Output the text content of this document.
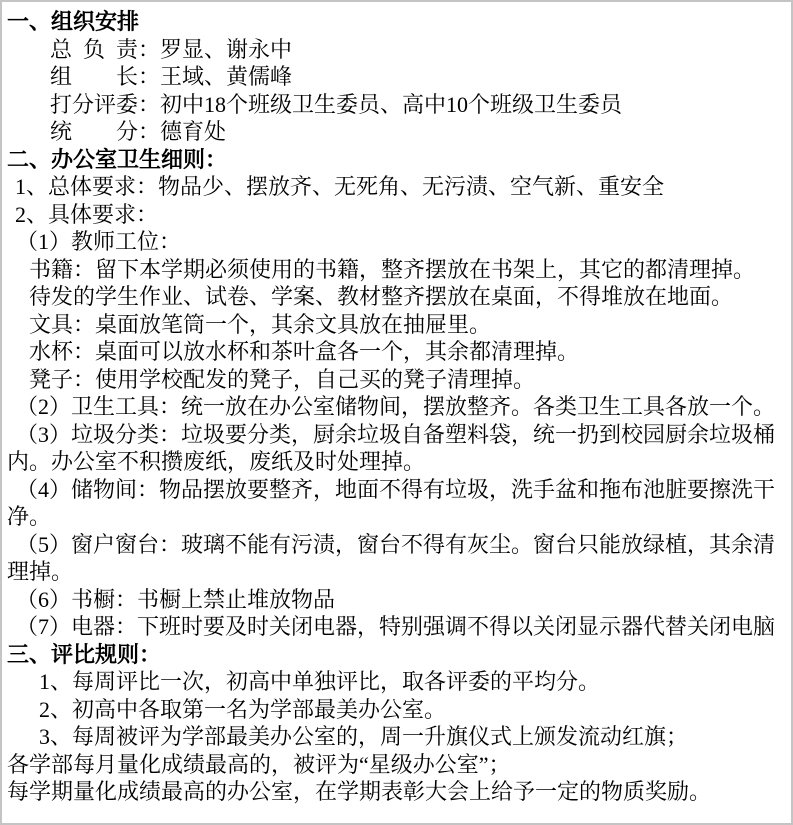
一、组织安排
总负责：罗显、谢永中
组长：王域、黄儒峰
打分评委：初中18个班级卫生委员、高中10个班级卫生委员
统分：德育处
二、办公室卫生细则：
1、总体要求：物品少、摆放齐、无死角、无污渍、空气新、重安全
2、具体要求：
（1）教师工位：
书籍：留下本学期必须使用的书籍，整齐摆放在书架上，其它的都清理掉。
待发的学生作业、试卷、学案、教材整齐摆放在桌面，不得堆放在地面。
文具：桌面放笔筒一个，其余文具放在抽屉里。
水杯：桌面可以放水杯和茶叶盒各一个，其余都清理掉。
凳子：使用学校配发的凳子，自己买的凳子清理掉。
（2）卫生工具：统一放在办公室储物间，摆放整齐。各类卫生工具各放一个。
（3）垃圾分类：垃圾要分类，厨余垃圾自备塑料袋，统一扔到校园厨余垃圾桶
内。办公室不积攒废纸，废纸及时处理掉。
（4）储物间：物品摆放要整齐，地面不得有垃圾，洗手盆和拖布池脏要擦洗干
净。
（5）窗户窗台：玻璃不能有污渍，窗台不得有灰尘。窗台只能放绿植，其余清
理掉。
（6）书橱：书橱上禁止堆放物品
（7）电器：下班时要及时关闭电器，特别强调不得以关闭显示器代替关闭电脑
三、评比规则：
1、每周评比一次，初高中单独评比，取各评委的平均分。
2、初高中各取第一名为学部最美办公室。
3、每周被评为学部最美办公室的，周一升旗仪式上颁发流动红旗；
各学部每月量化成绩最高的，被评为“星级办公室”；
每学期量化成绩最高的办公室，在学期表彰大会上给予一定的物质奖励。
